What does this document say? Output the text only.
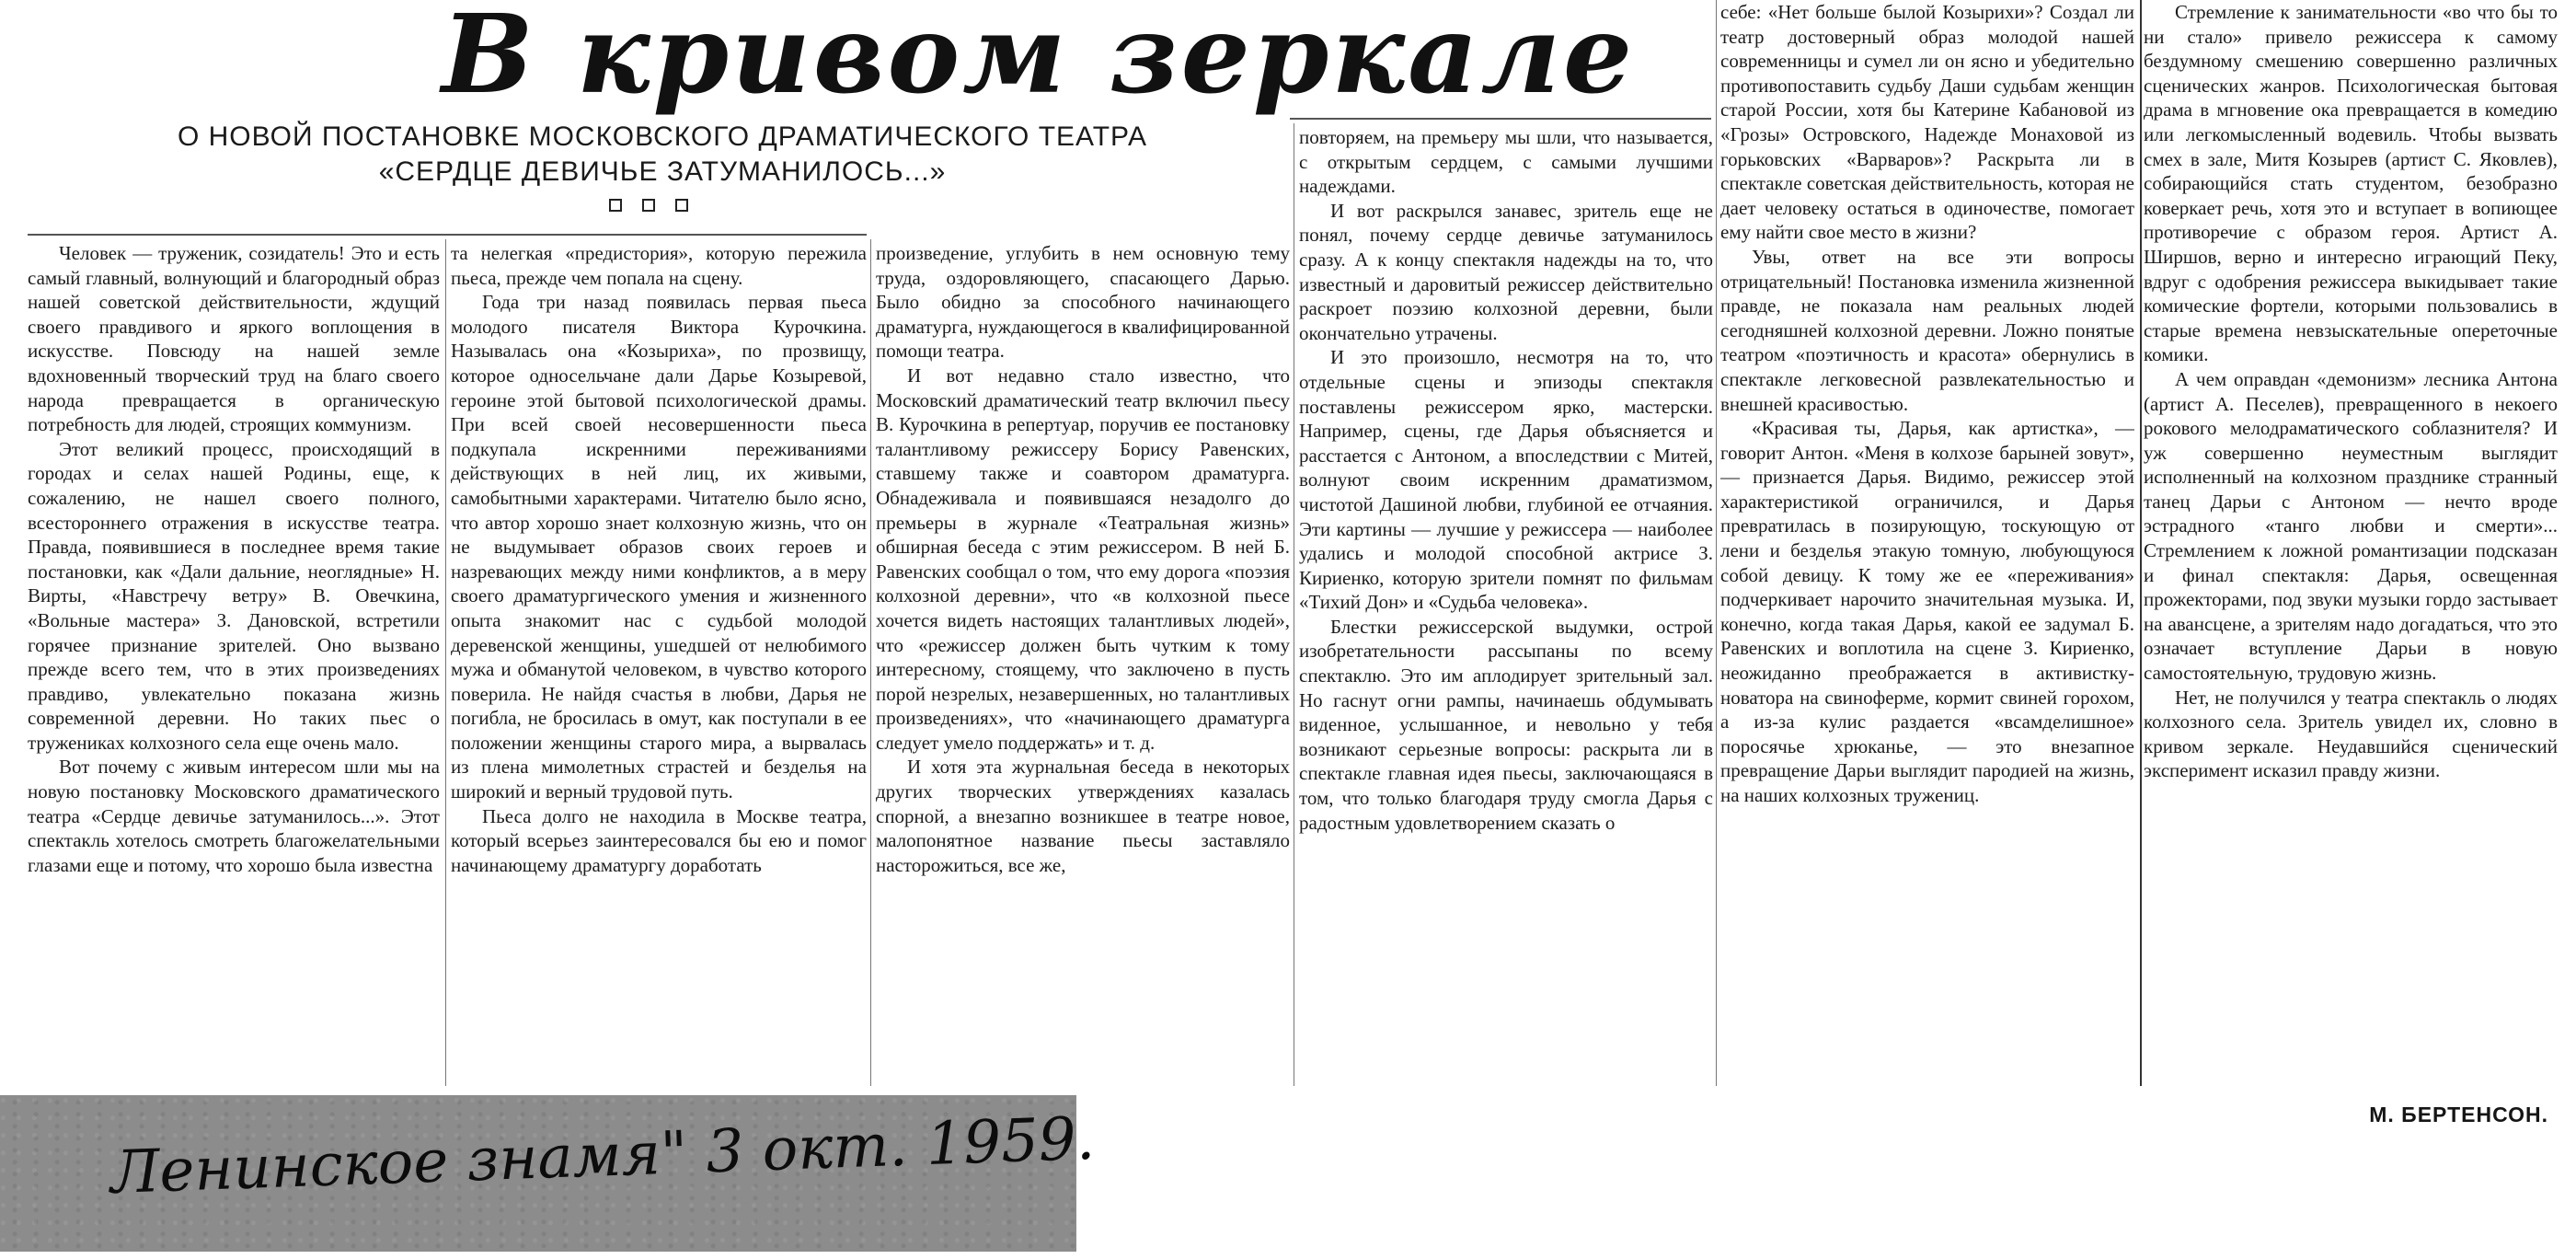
В кривом зеркале
О НОВОЙ ПОСТАНОВКЕ МОСКОВСКОГО ДРАМАТИЧЕСКОГО ТЕАТРА
«СЕРДЦЕ ДЕВИЧЬЕ ЗАТУМАНИЛОСЬ...»

Человек — труженик, созидатель! Это и есть самый главный, волнующий и благородный образ нашей советской действительности, ждущий своего правдивого и яркого воплощения в искусстве. Повсюду на нашей земле вдохновенный творческий труд на благо своего народа превращается в органическую потребность для людей, строящих коммунизм.

Этот великий процесс, происходящий в городах и селах нашей Родины, еще, к сожалению, не нашел своего полного, всестороннего отражения в искусстве театра. Правда, появившиеся в последнее время такие постановки, как «Дали дальние, неоглядные» Н. Вирты, «Навстречу ветру» В. Овечкина, «Вольные мастера» З. Дановской, встретили горячее признание зрителей. Оно вызвано прежде всего тем, что в этих произведениях правдиво, увлекательно показана жизнь современной деревни. Но таких пьес о тружениках колхозного села еще очень мало.

Вот почему с живым интересом шли мы на новую постановку Московского драматического театра «Сердце девичье затуманилось...». Этот спектакль хотелось смотреть благожелательными глазами еще и потому, что хорошо была известна

та нелегкая «предистория», которую пережила пьеса, прежде чем попала на сцену.

Года три назад появилась первая пьеса молодого писателя Виктора Курочкина. Называлась она «Козыриха», по прозвищу, которое односельчане дали Дарье Козыревой, героине этой бытовой психологической драмы. При всей своей несовершенности пьеса подкупала искренними переживаниями действующих в ней лиц, их живыми, самобытными характерами. Читателю было ясно, что автор хорошо знает колхозную жизнь, что он не выдумывает образов своих героев и назревающих между ними конфликтов, а в меру своего драматургического умения и жизненного опыта знакомит нас с судьбой молодой деревенской женщины, ушедшей от нелюбимого мужа и обманутой человеком, в чувство которого поверила. Не найдя счастья в любви, Дарья не погибла, не бросилась в омут, как поступали в ее положении женщины старого мира, а вырвалась из плена мимолетных страстей и безделья на широкий и верный трудовой путь.

Пьеса долго не находила в Москве театра, который всерьез заинтересовался бы ею и помог начинающему драматургу доработать

произведение, углубить в нем основную тему труда, оздоровляющего, спасающего Дарью. Было обидно за способного начинающего драматурга, нуждающегося в квалифицированной помощи театра.

И вот недавно стало известно, что Московский драматический театр включил пьесу В. Курочкина в репертуар, поручив ее постановку талантливому режиссеру Борису Равенских, ставшему также и соавтором драматурга. Обнадеживала и появившаяся незадолго до премьеры в журнале «Театральная жизнь» обширная беседа с этим режиссером. В ней Б. Равенских сообщал о том, что ему дорога «поэзия колхозной деревни», что «в колхозной пьесе хочется видеть настоящих талантливых людей», что «режиссер должен быть чутким к тому интересному, стоящему, что заключено в пусть порой незрелых, незавершенных, но талантливых произведениях», что «начинающего драматурга следует умело поддержать» и т. д.

И хотя эта журнальная беседа в некоторых других творческих утверждениях казалась спорной, а внезапно возникшее в театре новое, малопонятное название пьесы заставляло насторожиться, все же,

повторяем, на премьеру мы шли, что называется, с открытым сердцем, с самыми лучшими надеждами.

И вот раскрылся занавес, зритель еще не понял, почему сердце девичье затуманилось сразу. А к концу спектакля надежды на то, что известный и даровитый режиссер действительно раскроет поэзию колхозной деревни, были окончательно утрачены.

И это произошло, несмотря на то, что отдельные сцены и эпизоды спектакля поставлены режиссером ярко, мастерски. Например, сцены, где Дарья объясняется и расстается с Антоном, а впоследствии с Митей, волнуют своим искренним драматизмом, чистотой Дашиной любви, глубиной ее отчаяния. Эти картины — лучшие у режиссера — наиболее удались и молодой способной актрисе З. Кириенко, которую зрители помнят по фильмам «Тихий Дон» и «Судьба человека».

Блестки режиссерской выдумки, острой изобретательности рассыпаны по всему спектаклю. Это им аплодирует зрительный зал. Но гаснут огни рампы, начинаешь обдумывать виденное, услышанное, и невольно у тебя возникают серьезные вопросы: раскрыта ли в спектакле главная идея пьесы, заключающаяся в том, что только благодаря труду смогла Дарья с радостным удовлетворением сказать о

себе: «Нет больше былой Козырихи»? Создал ли театр достоверный образ молодой нашей современницы и сумел ли он ясно и убедительно противопоставить судьбу Даши судьбам женщин старой России, хотя бы Катерине Кабановой из «Грозы» Островского, Надежде Монаховой из горьковских «Варваров»? Раскрыта ли в спектакле советская действительность, которая не дает человеку остаться в одиночестве, помогает ему найти свое место в жизни?

Увы, ответ на все эти вопросы отрицательный! Постановка изменила жизненной правде, не показала нам реальных людей сегодняшней колхозной деревни. Ложно понятые театром «поэтичность и красота» обернулись в спектакле легковесной развлекательностью и внешней красивостью.

«Красивая ты, Дарья, как артистка», — говорит Антон. «Меня в колхозе барыней зовут», — признается Дарья. Видимо, режиссер этой характеристикой ограничился, и Дарья превратилась в позирующую, тоскующую от лени и безделья этакую томную, любующуюся собой девицу. К тому же ее «переживания» подчеркивает нарочито значительная музыка. И, конечно, когда такая Дарья, какой ее задумал Б. Равенских и воплотила на сцене З. Кириенко, неожиданно преображается в активистку-новатора на свиноферме, кормит свиней горохом, а из-за кулис раздается «всамделишное» поросячье хрюканье, — это внезапное превращение Дарьи выглядит пародией на жизнь, на наших колхозных тружениц.

Стремление к занимательности «во что бы то ни стало» привело режиссера к самому бездумному смешению совершенно различных сценических жанров. Психологическая бытовая драма в мгновение ока превращается в комедию или легкомысленный водевиль. Чтобы вызвать смех в зале, Митя Козырев (артист С. Яковлев), собирающийся стать студентом, безобразно коверкает речь, хотя это и вступает в вопиющее противоречие с образом героя. Артист А. Ширшов, верно и интересно играющий Пеку, вдруг с одобрения режиссера выкидывает такие комические фортели, которыми пользовались в старые времена невзыскательные опереточные комики.

А чем оправдан «демонизм» лесника Антона (артист А. Песелев), превращенного в некоего рокового мелодраматического соблазнителя? И уж совершенно неуместным выглядит исполненный на колхозном празднике странный танец Дарьи с Антоном — нечто вроде эстрадного «танго любви и смерти»... Стремлением к ложной романтизации подсказан и финал спектакля: Дарья, освещенная прожекторами, под звуки музыки гордо застывает на авансцене, а зрителям надо догадаться, что это означает вступление Дарьи в новую самостоятельную, трудовую жизнь.

Нет, не получился у театра спектакль о людях колхозного села. Зритель увидел их, словно в кривом зеркале. Неудавшийся сценический эксперимент исказил правду жизни.

М. БЕРТЕНСОН.
Ленинское знамя" 3 окт. 1959.
